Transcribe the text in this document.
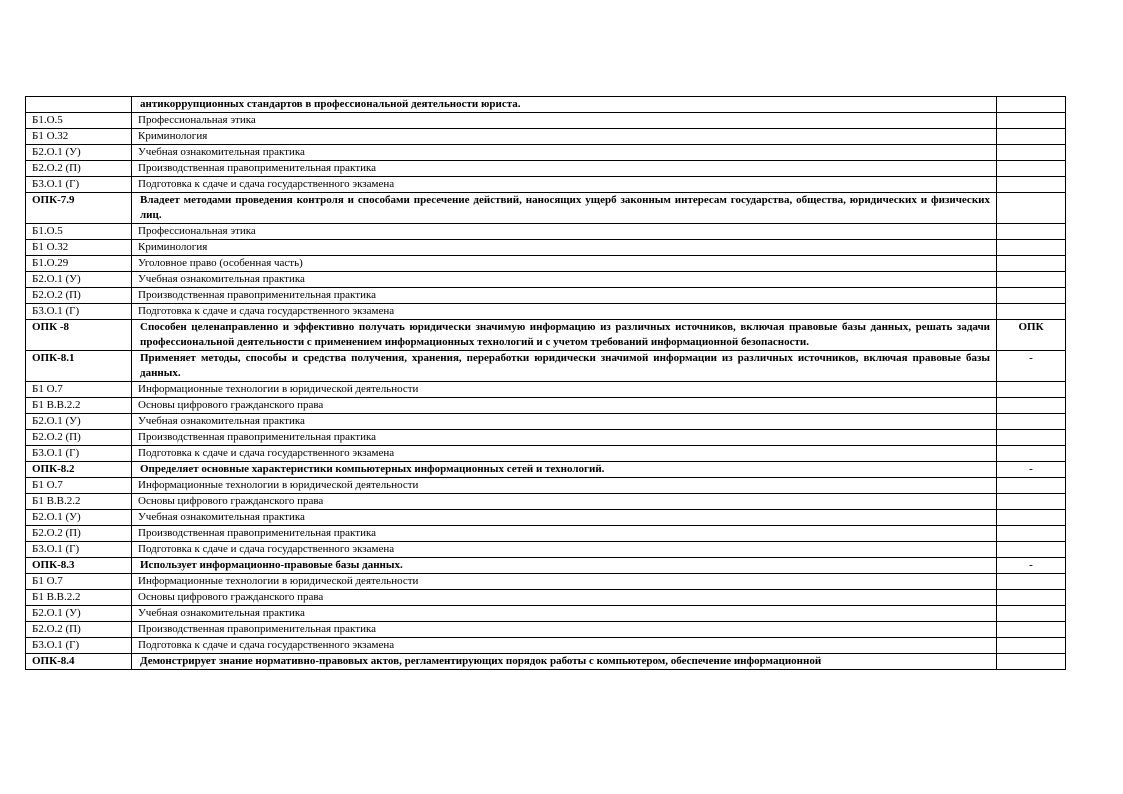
	антикоррупционных стандартов в профессиональной деятельности юриста.	
Б1.О.5	Профессиональная этика	
Б1 О.32	Криминология	
Б2.О.1 (У)	Учебная ознакомительная практика	
Б2.О.2 (П)	Производственная правоприменительная практика	
Б3.О.1 (Г)	Подготовка к сдаче и сдача государственного экзамена	
ОПК-7.9	Владеет методами проведения контроля и способами пресечение действий, наносящих ущерб законным интересам государства, общества, юридических и физических лиц.	
Б1.О.5	Профессиональная этика	
Б1 О.32	Криминология	
Б1.О.29	Уголовное право (особенная часть)	
Б2.О.1 (У)	Учебная ознакомительная практика	
Б2.О.2 (П)	Производственная правоприменительная практика	
Б3.О.1 (Г)	Подготовка к сдаче и сдача государственного экзамена	
ОПК -8	Способен целенаправленно и эффективно получать юридически значимую информацию из различных источников, включая правовые базы данных, решать задачи профессиональной деятельности с применением информационных технологий и с учетом требований информационной безопасности.	ОПК
ОПК-8.1	Применяет методы, способы и средства получения, хранения, переработки юридически значимой информации из различных источников, включая правовые базы данных.	-
Б1 О.7	Информационные технологии в юридической деятельности	
Б1 В.В.2.2	Основы цифрового гражданского права	
Б2.О.1 (У)	Учебная ознакомительная практика	
Б2.О.2 (П)	Производственная правоприменительная практика	
Б3.О.1 (Г)	Подготовка к сдаче и сдача государственного экзамена	
ОПК-8.2	Определяет основные характеристики компьютерных информационных сетей и технологий.	-
Б1 О.7	Информационные технологии в юридической деятельности	
Б1 В.В.2.2	Основы цифрового гражданского права	
Б2.О.1 (У)	Учебная ознакомительная практика	
Б2.О.2 (П)	Производственная правоприменительная практика	
Б3.О.1 (Г)	Подготовка к сдаче и сдача государственного экзамена	
ОПК-8.3	Использует информационно-правовые базы данных.	-
Б1 О.7	Информационные технологии в юридической деятельности	
Б1 В.В.2.2	Основы цифрового гражданского права	
Б2.О.1 (У)	Учебная ознакомительная практика	
Б2.О.2 (П)	Производственная правоприменительная практика	
Б3.О.1 (Г)	Подготовка к сдаче и сдача государственного экзамена	
ОПК-8.4	Демонстрирует знание нормативно-правовых актов, регламентирующих порядок работы с компьютером, обеспечение информационной	
